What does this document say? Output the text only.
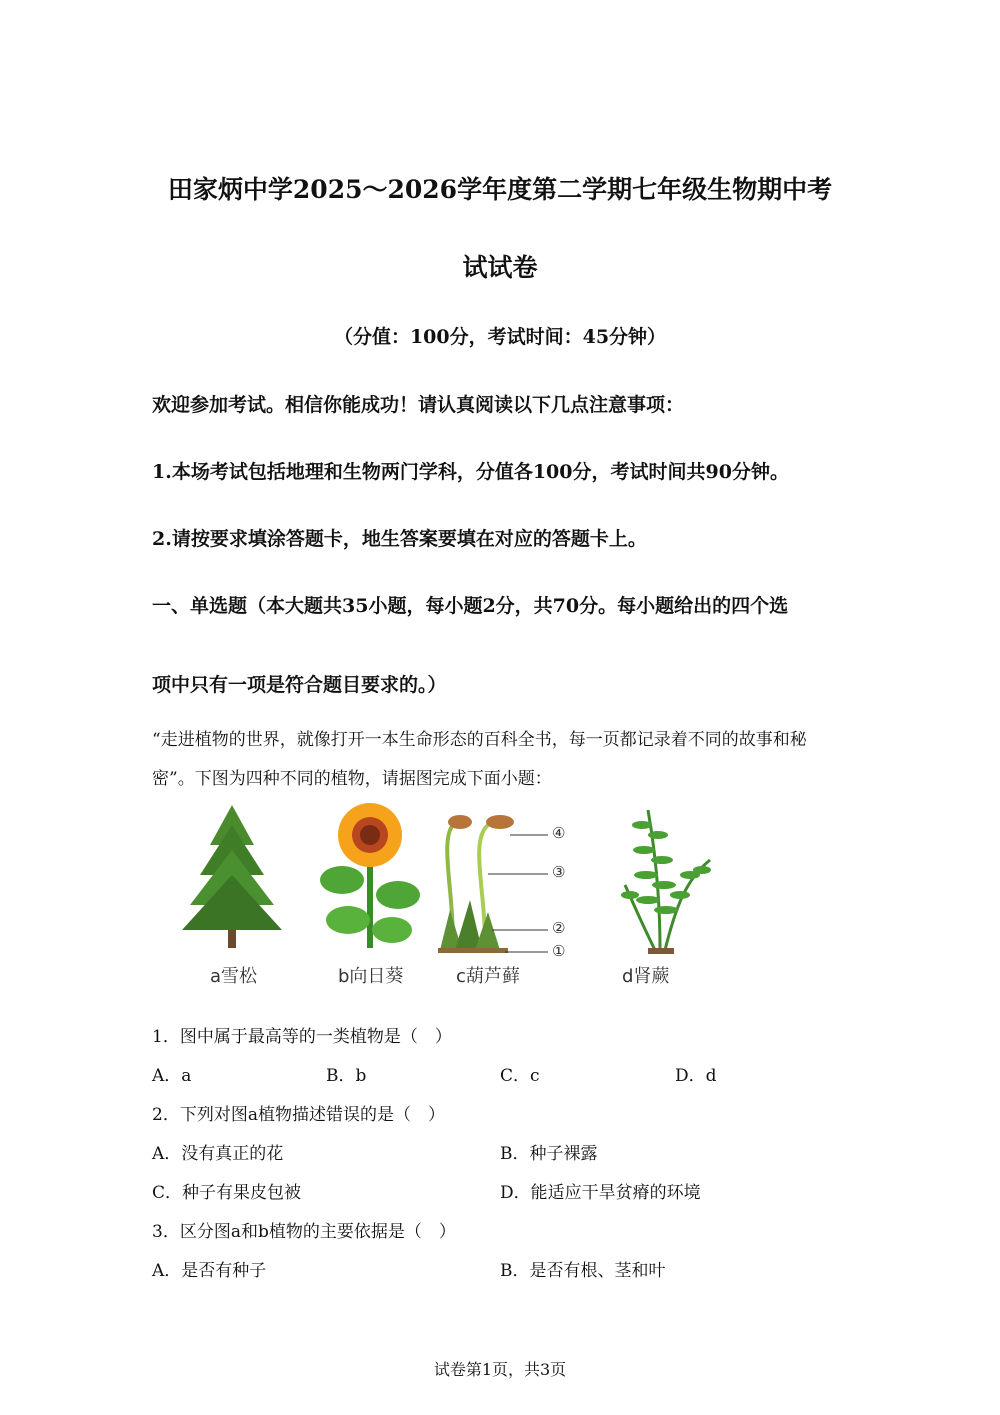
田家炳中学2025～2026学年度第二学期七年级生物期中考
试试卷
（分值：100分，考试时间：45分钟）
欢迎参加考试。相信你能成功！请认真阅读以下几点注意事项：
1.本场考试包括地理和生物两门学科，分值各100分，考试时间共90分钟。
2.请按要求填涂答题卡，地生答案要填在对应的答题卡上。
一、单选题（本大题共35小题，每小题2分，共70分。每小题给出的四个选
项中只有一项是符合题目要求的。）
“走进植物的世界，就像打开一本生命形态的百科全书，每一页都记录着不同的故事和秘
密”。下图为四种不同的植物，请据图完成下面小题：
a雪松	b向日葵	c葫芦藓	d肾蕨
④
③
②
①
1．图中属于最高等的一类植物是（　）
A．a	B．b	C．c	D．d
2．下列对图a植物描述错误的是（　）
A．没有真正的花	B．种子裸露
C．种子有果皮包被	D．能适应干旱贫瘠的环境
3．区分图a和b植物的主要依据是（　）
A．是否有种子	B．是否有根、茎和叶
试卷第1页，共3页
